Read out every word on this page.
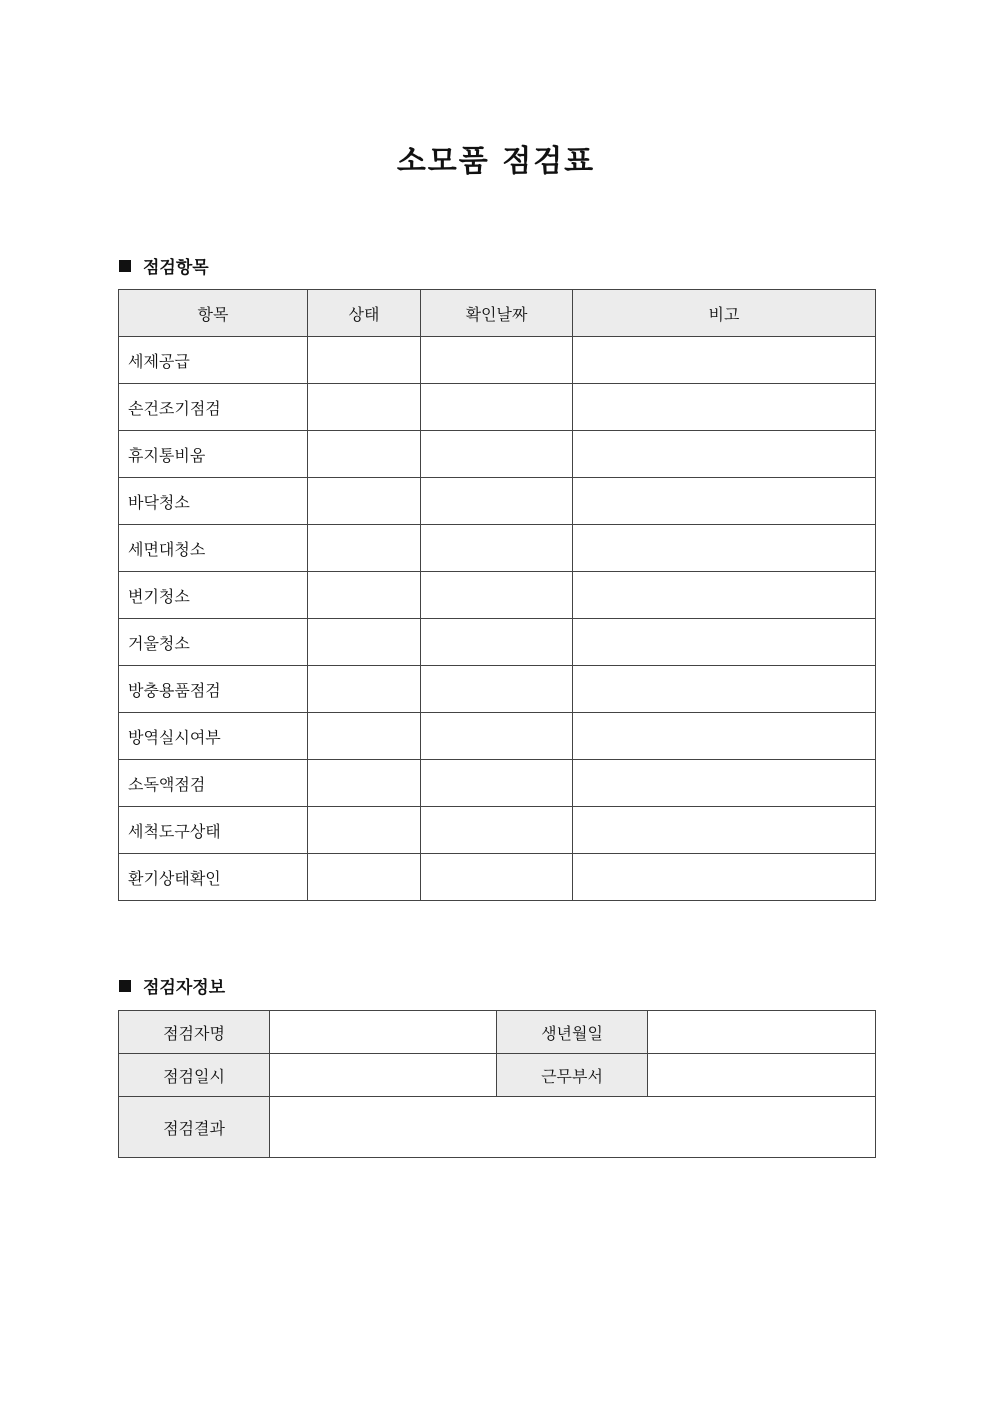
소모품 점검표
점검항목
항목	상태	확인날짜	비고
세제공급			
손건조기점검			
휴지통비움			
바닥청소			
세면대청소			
변기청소			
거울청소			
방충용품점검			
방역실시여부			
소독액점검			
세척도구상태			
환기상태확인			
점검자정보
점검자명		생년월일	
점검일시		근무부서	
점검결과			
